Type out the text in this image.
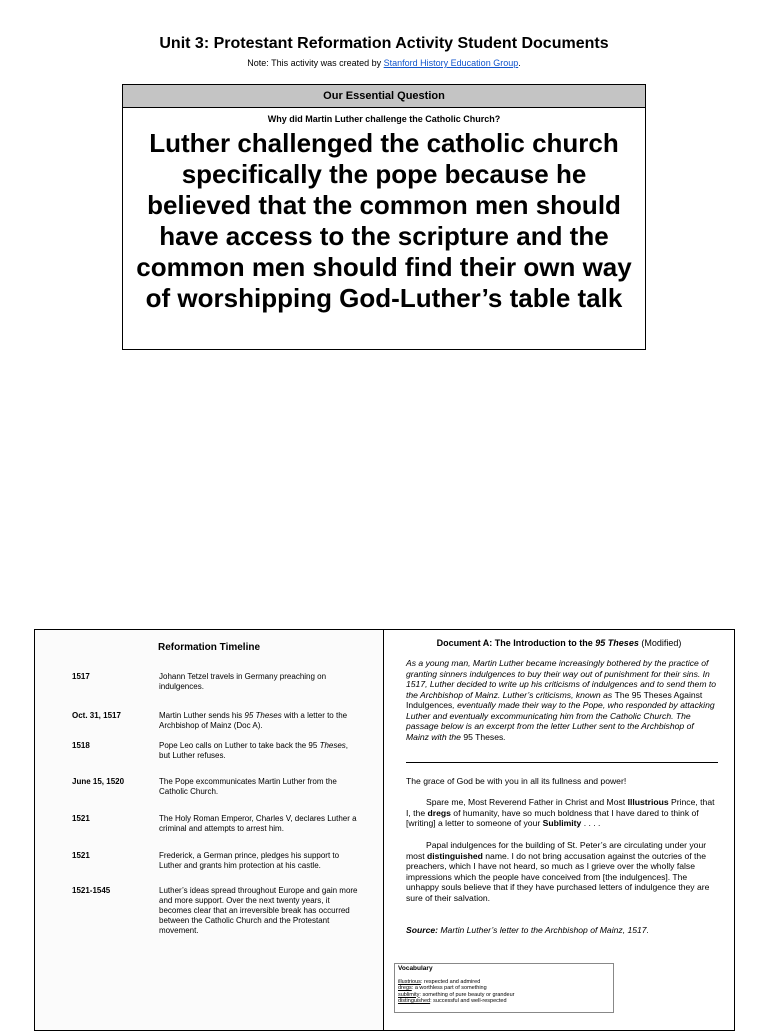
Unit 3: Protestant Reformation Activity Student Documents
Note: This activity was created by Stanford History Education Group.
Our Essential Question
Why did Martin Luther challenge the Catholic Church?
Luther challenged the catholic church specifically the pope because he believed that the common men should have access to the scripture and the common men should find their own way of worshipping God-Luther’s table talk
Reformation Timeline
1517	Johann Tetzel travels in Germany preaching on indulgences.
Oct. 31, 1517	Martin Luther sends his 95 Theses with a letter to the Archbishop of Mainz (Doc A).
1518	Pope Leo calls on Luther to take back the 95 Theses, but Luther refuses.
June 15, 1520	The Pope excommunicates Martin Luther from the Catholic Church.
1521	The Holy Roman Emperor, Charles V, declares Luther a criminal and attempts to arrest him.
1521	Frederick, a German prince, pledges his support to Luther and grants him protection at his castle.
1521-1545	Luther’s ideas spread throughout Europe and gain more and more support. Over the next twenty years, it becomes clear that an irreversible break has occurred between the Catholic Church and the Protestant movement.
Document A: The Introduction to the 95 Theses (Modified)
As a young man, Martin Luther became increasingly bothered by the practice of granting sinners indulgences to buy their way out of punishment for their sins. In 1517, Luther decided to write up his criticisms of indulgences and to send them to the Archbishop of Mainz. Luther’s criticisms, known as The 95 Theses Against Indulgences, eventually made their way to the Pope, who responded by attacking Luther and eventually excommunicating him from the Catholic Church. The passage below is an excerpt from the letter Luther sent to the Archbishop of Mainz with the 95 Theses.
The grace of God be with you in all its fullness and power!

Spare me, Most Reverend Father in Christ and Most Illustrious Prince, that I, the dregs of humanity, have so much boldness that I have dared to think of [writing] a letter to someone of your Sublimity . . . .

Papal indulgences for the building of St. Peter’s are circulating under your most distinguished name. I do not bring accusation against the outcries of the preachers, which I have not heard, so much as I grieve over the wholly false impressions which the people have conceived from [the indulgences]. The unhappy souls believe that if they have purchased letters of indulgence they are sure of their salvation.

Source: Martin Luther’s letter to the Archbishop of Mainz, 1517.
Vocabulary
illustrious: respected and admired
dregs: a worthless part of something
sublimity: something of pure beauty or grandeur
distinguished: successful and well-respected
